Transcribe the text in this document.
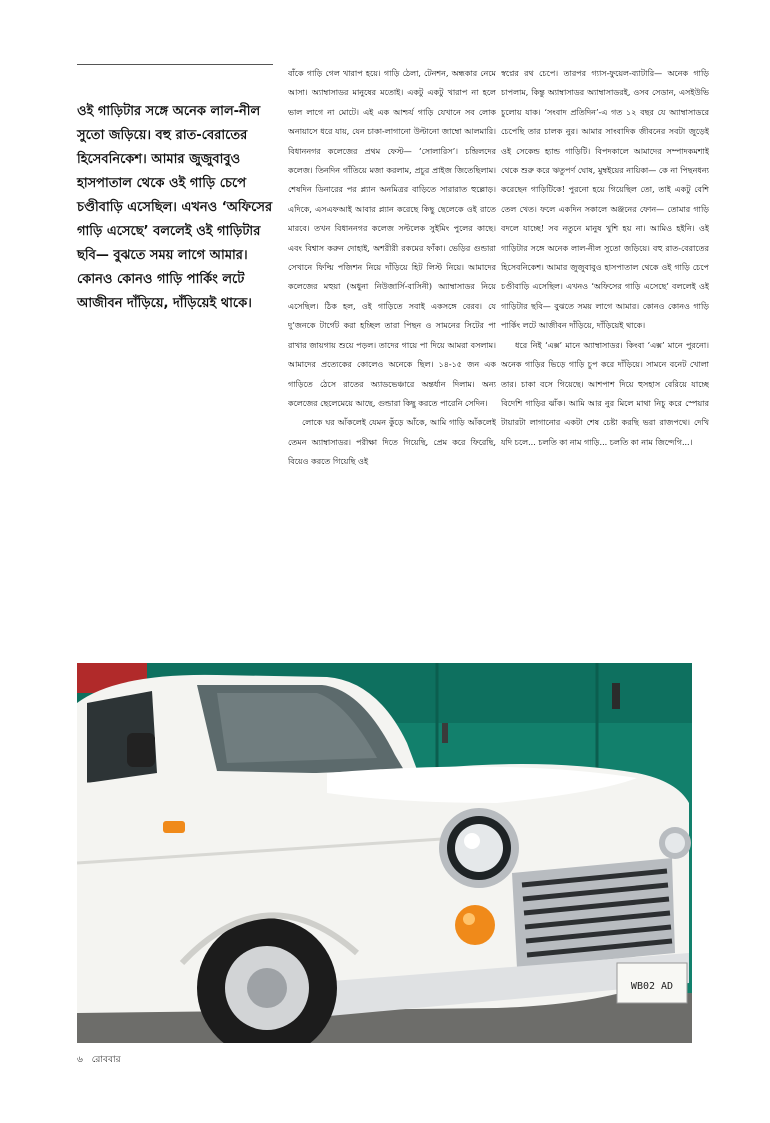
ওই গাড়িটার সঙ্গে অনেক লাল-নীল সুতো জড়িয়ে। বহু রাত-বেরাতের হিসেবনিকেশ। আমার জুজুবাবুও হাসপাতাল থেকে ওই গাড়ি চেপে চণ্ডীবাড়ি এসেছিল। এখনও ‘অফিসের গাড়ি এসেছে’ বললেই ওই গাড়িটার ছবি— বুঝতে সময় লাগে আমার। কোনও কোনও গাড়ি পার্কিং লটে আজীবন দাঁড়িয়ে, দাঁড়িয়েই থাকে।

বাঁকে গাড়ি গেল খারাপ হয়ে। গাড়ি ঠেলা, টেনশন, অন্ধকার নেমে আসা। অ্যাম্বাসাডর মানুষের মতোই। একটু একটু খারাপ না হলে ভাল লাগে না মোটে। এই এক আশ্চর্য গাড়ি যেখানে সব লোক অনায়াসে ধরে যায়, যেন চাকা-লাগানো উল্টানো জাম্বো আলমারি। বিধাননগর কলেজের প্রথম ফেস্ট— ‘সোলারিস’। চন্দ্রিলদের কলেজ। তিনদিন গাঁতিয়ে মজা করলাম, প্রচুর প্রাইজ জিতেছিলাম। শেষদিন ডিনারের পর প্ল্যান অনমিত্রর বাড়িতে সারারাত হুল্লোড়। এদিকে, এসএফআই আবার প্ল্যান করেছে কিছু ছেলেকে ওই রাতে মারবে। তখন বিধাননগর কলেজ সল্টলেক সুইমিং পুলের কাছে। এবং বিশ্বাস করুন দোহাই, অশরীরী রকমের ফাঁকা। ভেড়ির গুন্ডারা সেখানে ফিল্মি পজিশন নিয়ে দাঁড়িয়ে হিট লিস্ট নিয়ে। আমাদের কলেজের মহুয়া (অধুনা নিউজার্সি-বাসিনী) অ্যাম্বাসাডর নিয়ে এসেছিল। ঠিক হল, ওই গাড়িতে সবাই একসঙ্গে বেরব। যে দু’জনকে টার্গেট করা হচ্ছিল তারা পিছন ও সামনের সিটের পা রাখার জায়গায় শুয়ে পড়ল। তাদের গায়ে পা দিয়ে আমরা বসলাম। আমাদের প্রত্যেকের কোলেও অনেকে ছিল। ১৪-১৫ জন এক গাড়িতে ঠেসে রাতের অ্যাডভেঞ্চারে অন্তর্ধান দিলাম। অন্য কলেজের ছেলেমেয়ে আছে, গুন্ডারা কিছু করতে পারেনি সেদিন।

লোকে ঘর আঁকলেই যেমন কুঁড়ে আঁকে, আমি গাড়ি আঁকলেই তেমন অ্যাম্বাসাডর। পরীক্ষা দিতে গিয়েছি, প্রেম করে ফিরেছি, বিয়েও করতে গিয়েছি ওই

স্বপ্নের রথ চেপে। তারপর গ্যাস-ফুয়েল-ব্যাটারি— অনেক গাড়ি চাপলাম, কিন্তু অ্যাম্বাসাডর অ্যাম্বাসাডরই, ওসব সেডান, এসইউভি চুলোয় যাক। ‘সংবাদ প্রতিদিন’-এ গত ১২ বছর যে অ্যাম্বাসাডরে চেপেছি তার চালক নুর। আমার সাংবাদিক জীবনের সবটা জুড়েই ওই সেকেন্ড হ্যান্ড গাড়িটি। বিপদকালে আমাদের সম্পাদকমশাই থেকে শুরু করে ঋতুপর্ণ ঘোষ, মুম্বইয়ের নায়িকা— কে না পিছনধন্য করেছেন গাড়িটিকে! পুরনো হয়ে গিয়েছিল তো, তাই একটু বেশি তেল খেত। ফলে একদিন সকালে অঞ্জনের ফোন— তোমার গাড়ি বদলে যাচ্ছে! সব নতুনে মানুষ খুশি হয় না। আমিও হইনি। ওই গাড়িটার সঙ্গে অনেক লাল-নীল সুতো জড়িয়ে। বহু রাত-বেরাতের হিসেবনিকেশ। আমার জুজুবাবুও হাসপাতাল থেকে ওই গাড়ি চেপে চণ্ডীবাড়ি এসেছিল। এখনও ‘অফিসের গাড়ি এসেছে’ বললেই ওই গাড়িটার ছবি— বুঝতে সময় লাগে আমার। কোনও কোনও গাড়ি পার্কিং লটে আজীবন দাঁড়িয়ে, দাঁড়িয়েই থাকে।

ধরে নিই ‘এক্স’ মানে অ্যাম্বাসাডর। কিংবা ‘এক্স’ মানে পুরনো। অনেক গাড়ির ভিড়ে গাড়ি চুপ করে দাঁড়িয়ে। সামনে বনেট খোলা তার। চাকা বসে গিয়েছে। আশপাশ দিয়ে হুসহাস বেরিয়ে যাচ্ছে বিদেশি গাড়ির ঝাঁক। আমি আর নুর মিলে মাথা নিচু করে স্পেয়ার টায়ারটা লাগানোর একটা শেষ চেষ্টা করছি ভরা রাজপথে। দেখি যদি চলে... চলতি কা নাম গাড়ি... চলতি কা নাম জিন্দেগি...।

WB02 AD
৬ রোববার
